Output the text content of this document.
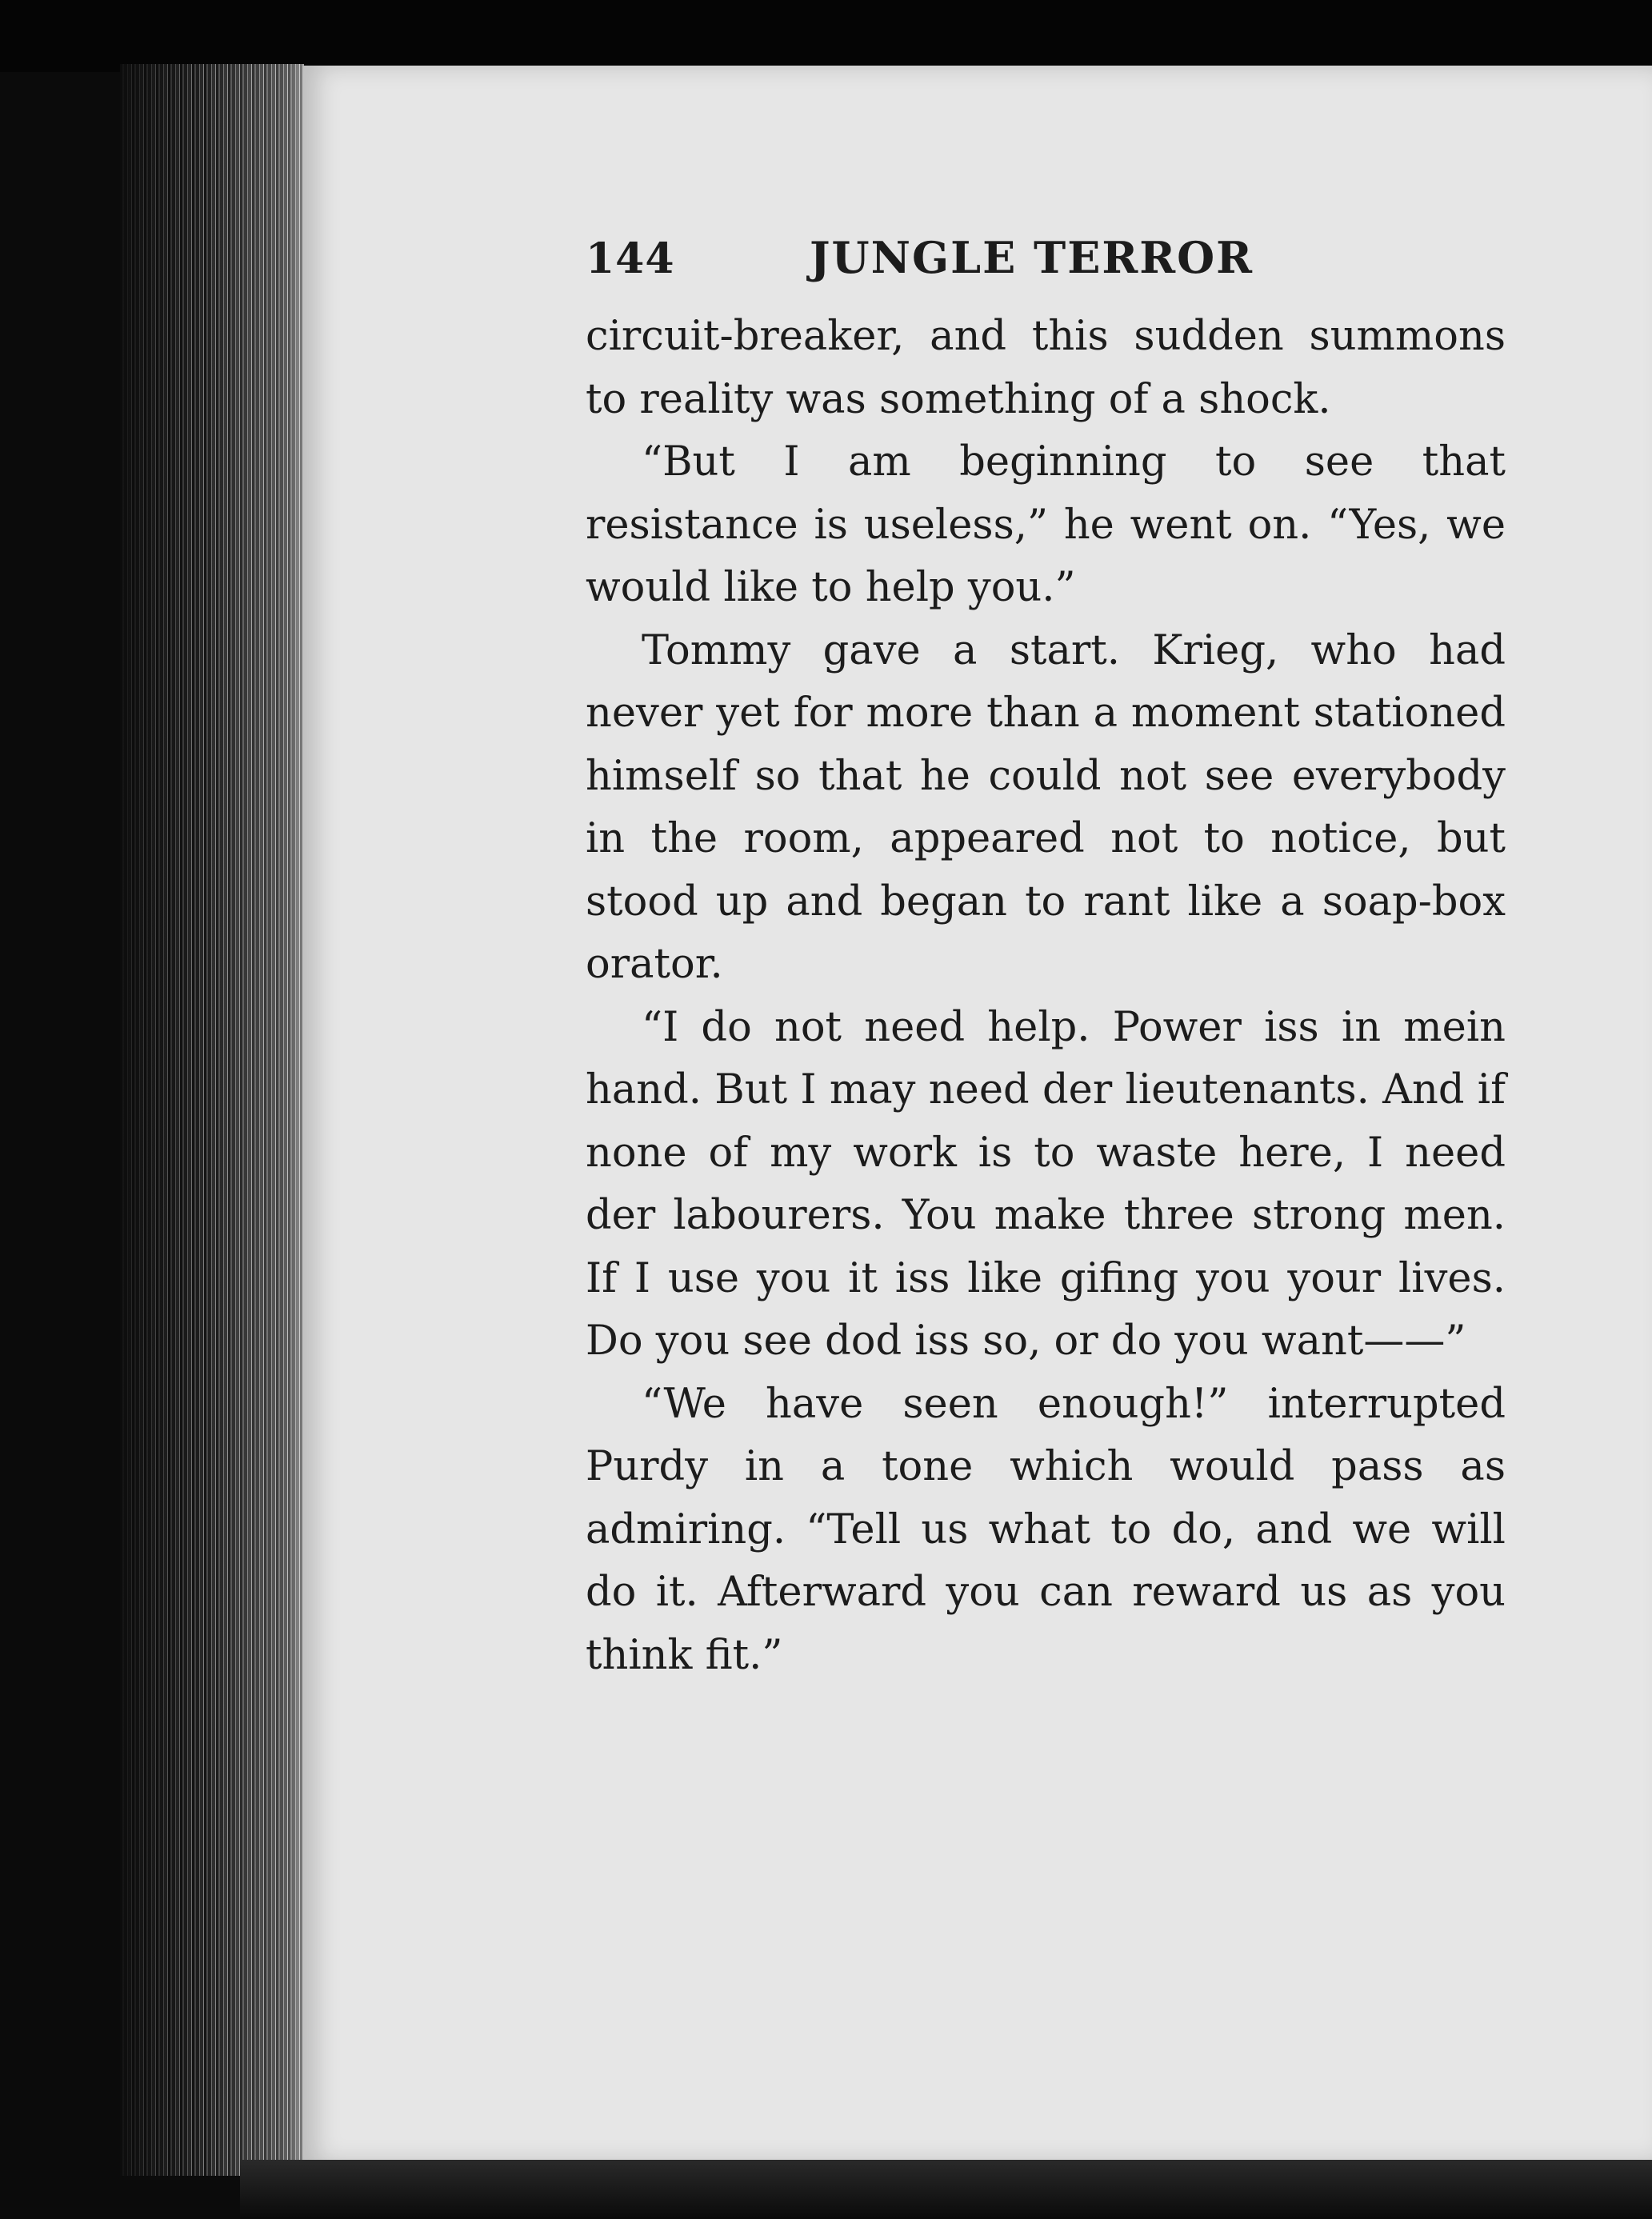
144	JUNGLE TERROR

circuit-breaker, and this sudden summons to reality was something of a shock.

“But I am beginning to see that resistance is useless,” he went on. “Yes, we would like to help you.”

Tommy gave a start. Krieg, who had never yet for more than a moment stationed himself so that he could not see everybody in the room, appeared not to notice, but stood up and began to rant like a soap-box orator.

“I do not need help. Power iss in mein hand. But I may need der lieutenants. And if none of my work is to waste here, I need der labourers. You make three strong men. If I use you it iss like gifing you your lives. Do you see dod iss so, or do you want——”

“We have seen enough!” interrupted Purdy in a tone which would pass as admiring. “Tell us what to do, and we will do it. Afterward you can reward us as you think fit.”
